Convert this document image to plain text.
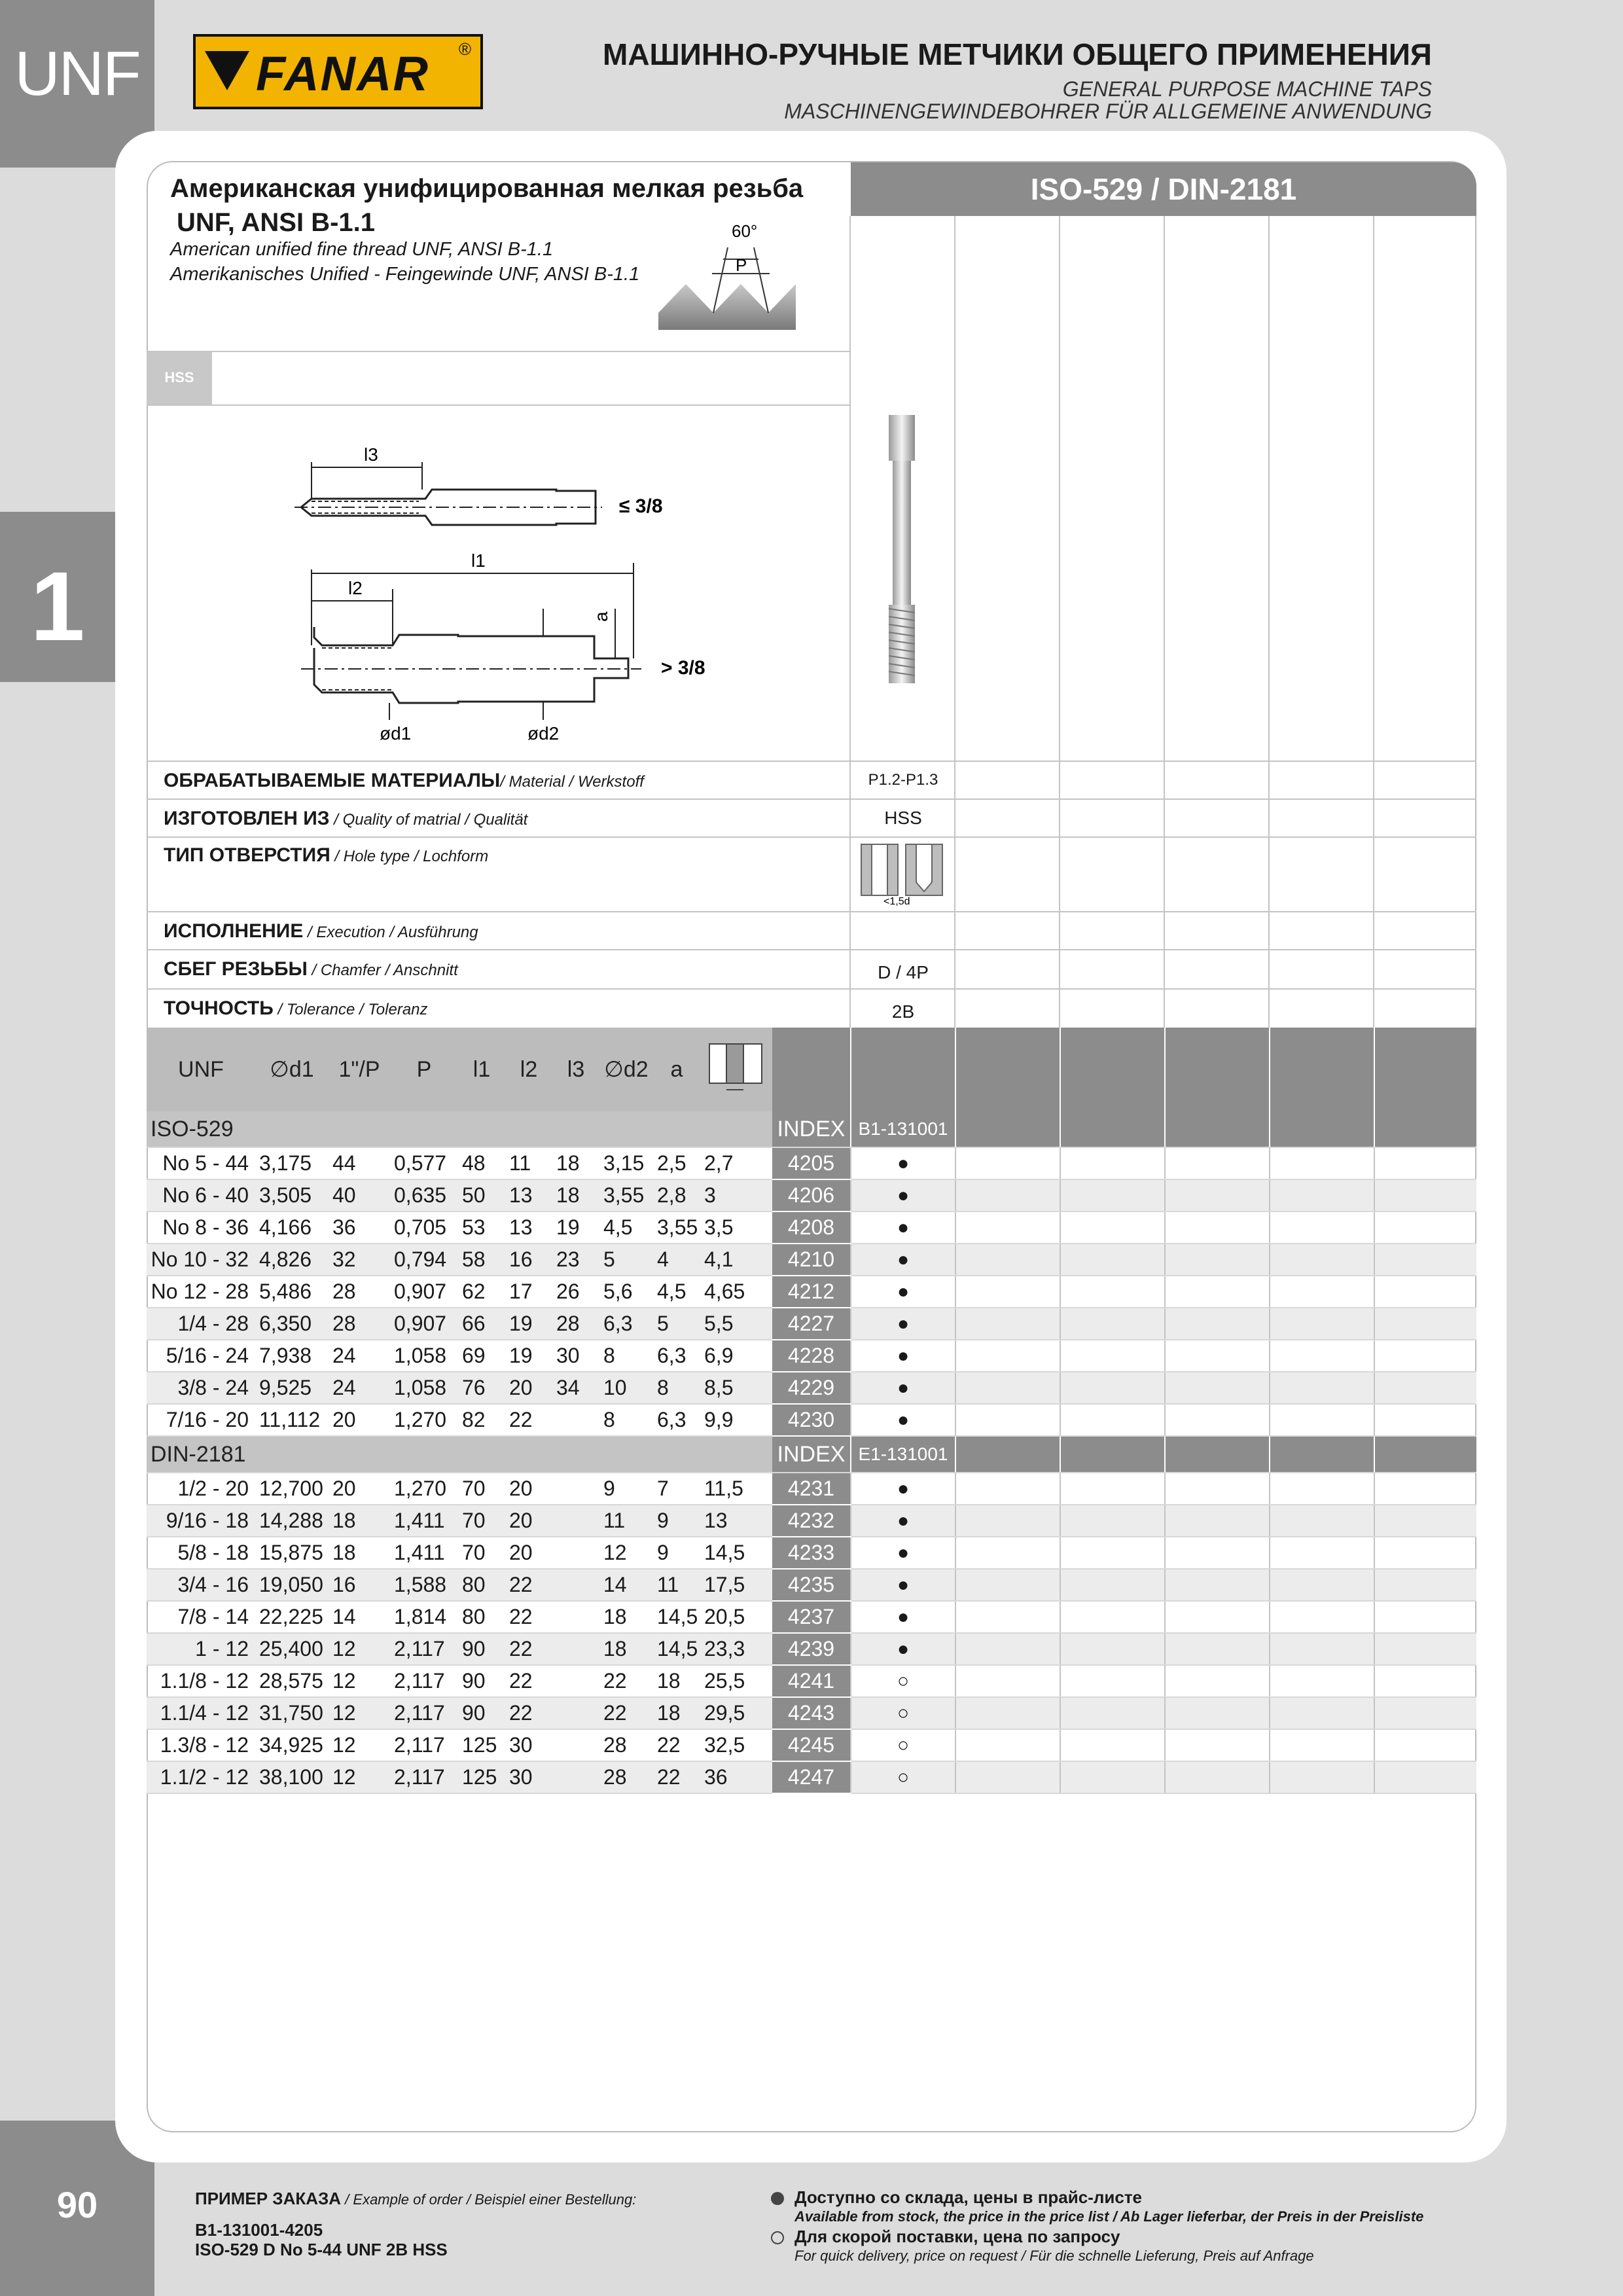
UNF
1
90
FANAR ®	МАШИННО-РУЧНЫЕ МЕТЧИКИ ОБЩЕГО ПРИМЕНЕНИЯ
GENERAL PURPOSE MACHINE TAPS
MASCHINENGEWINDEBOHRER FÜR ALLGEMEINE ANWENDUNG
Американская унифицированная мелкая резьба
UNF, ANSI B-1.1
American unified fine thread UNF, ANSI B-1.1
Amerikanisches Unified - Feingewinde UNF, ANSI B-1.1
60°
P
ISO-529 / DIN-2181
HSS
l3
l1
l2
a
ød1	ød2
≤ 3/8
> 3/8
ОБРАБАТЫВАЕМЫЕ МАТЕРИАЛЫ/ Material / Werkstoff	P1.2-P1.3
ИЗГОТОВЛЕН ИЗ / Quality of matrial / Qualität	HSS
ТИП ОТВЕРСТИЯ / Hole type / Lochform
<1,5d
ИСПОЛНЕНИЕ / Execution / Ausführung
СБЕГ РЕЗЬБЫ / Chamfer / Anschnitt	D / 4P
ТОЧНОСТЬ / Tolerance / Toleranz	2B
UNF	∅d1	1"/P	P	l1	l2	l3	∅d2	a								
ISO-529										INDEX	B1-131001					
No 5 - 44	3,175	44	0,577	48	11	18	3,15	2,5	2,7	4205	●					
No 6 - 40	3,505	40	0,635	50	13	18	3,55	2,8	3	4206	●					
No 8 - 36	4,166	36	0,705	53	13	19	4,5	3,55	3,5	4208	●					
No 10 - 32	4,826	32	0,794	58	16	23	5	4	4,1	4210	●					
No 12 - 28	5,486	28	0,907	62	17	26	5,6	4,5	4,65	4212	●					
1/4 - 28	6,350	28	0,907	66	19	28	6,3	5	5,5	4227	●					
5/16 - 24	7,938	24	1,058	69	19	30	8	6,3	6,9	4228	●					
3/8 - 24	9,525	24	1,058	76	20	34	10	8	8,5	4229	●					
7/16 - 20	11,112	20	1,270	82	22		8	6,3	9,9	4230	●					
DIN-2181										INDEX	E1-131001					
1/2 - 20	12,700	20	1,270	70	20		9	7	11,5	4231	●					
9/16 - 18	14,288	18	1,411	70	20		11	9	13	4232	●					
5/8 - 18	15,875	18	1,411	70	20		12	9	14,5	4233	●					
3/4 - 16	19,050	16	1,588	80	22		14	11	17,5	4235	●					
7/8 - 14	22,225	14	1,814	80	22		18	14,5	20,5	4237	●					
1 - 12	25,400	12	2,117	90	22		18	14,5	23,3	4239	●					
1.1/8 - 12	28,575	12	2,117	90	22		22	18	25,5	4241	○					
1.1/4 - 12	31,750	12	2,117	90	22		22	18	29,5	4243	○					
1.3/8 - 12	34,925	12	2,117	125	30		28	22	32,5	4245	○					
1.1/2 - 12	38,100	12	2,117	125	30		28	22	36	4247	○					
ПРИМЕР ЗАКАЗА / Example of order / Beispiel einer Bestellung:
B1-131001-4205
ISO-529 D No 5-44 UNF 2B HSS
Доступно со склада, цены в прайс-листе
Available from stock, the price in the price list / Ab Lager lieferbar, der Preis in der Preisliste
Для скорой поставки, цена по запросу
For quick delivery, price on request / Für die schnelle Lieferung, Preis auf Anfrage
